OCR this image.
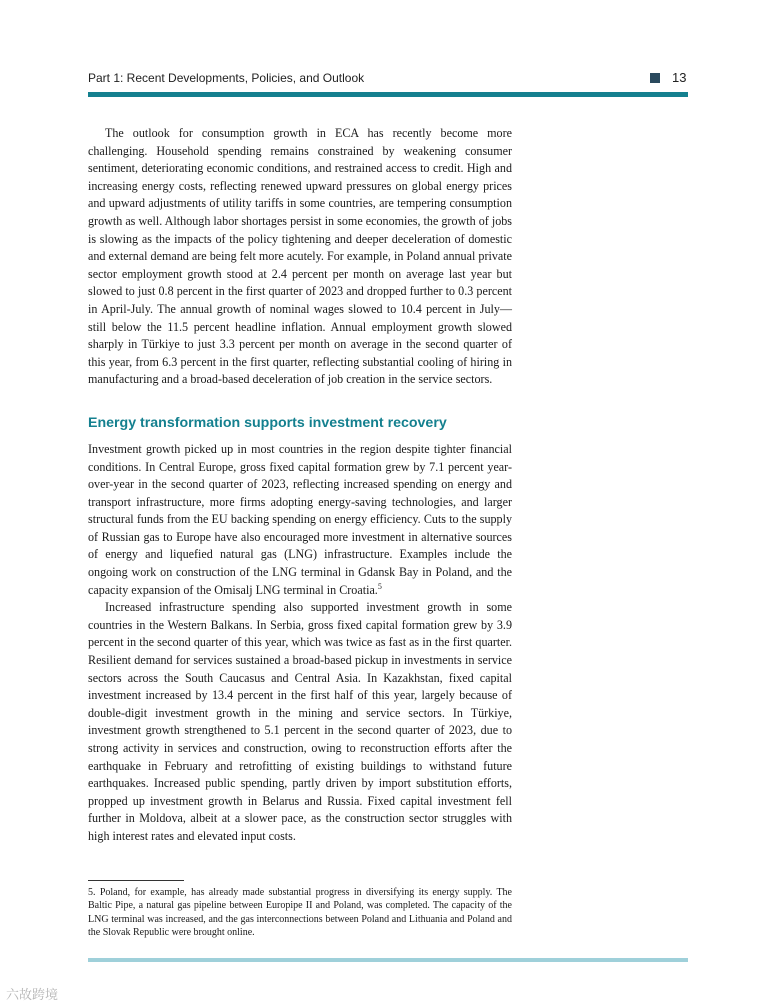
Part 1: Recent Developments, Policies, and Outlook	13

The outlook for consumption growth in ECA has recently become more challenging. Household spending remains constrained by weakening consumer sentiment, deteriorating economic conditions, and restrained access to credit. High and increasing energy costs, reflecting renewed upward pressures on global energy prices and upward adjustments of utility tariffs in some countries, are tempering consumption growth as well. Although labor shortages persist in some economies, the growth of jobs is slowing as the impacts of the policy tightening and deeper deceleration of domestic and external demand are being felt more acutely. For example, in Poland annual private sector employment growth stood at 2.4 percent per month on average last year but slowed to just 0.8 percent in the first quarter of 2023 and dropped further to 0.3 percent in April-July. The annual growth of nominal wages slowed to 10.4 percent in July—still below the 11.5 percent headline inflation. Annual employment growth slowed sharply in Türkiye to just 3.3 percent per month on average in the second quarter of this year, from 6.3 percent in the first quarter, reflecting substantial cooling of hiring in manufacturing and a broad-based deceleration of job creation in the service sectors.

Energy transformation supports investment recovery

Investment growth picked up in most countries in the region despite tighter financial conditions. In Central Europe, gross fixed capital formation grew by 7.1 percent year-over-year in the second quarter of 2023, reflecting increased spending on energy and transport infrastructure, more firms adopting energy-saving technologies, and larger structural funds from the EU backing spending on energy efficiency. Cuts to the supply of Russian gas to Europe have also encouraged more investment in alternative sources of energy and liquefied natural gas (LNG) infrastructure. Examples include the ongoing work on construction of the LNG terminal in Gdansk Bay in Poland, and the capacity expansion of the Omisalj LNG terminal in Croatia.$^5$

Increased infrastructure spending also supported investment growth in some countries in the Western Balkans. In Serbia, gross fixed capital formation grew by 3.9 percent in the second quarter of this year, which was twice as fast as in the first quarter. Resilient demand for services sustained a broad-based pickup in investments in service sectors across the South Caucasus and Central Asia. In Kazakhstan, fixed capital investment increased by 13.4 percent in the first half of this year, largely because of double-digit investment growth in the mining and service sectors. In Türkiye, investment growth strengthened to 5.1 percent in the second quarter of 2023, due to strong activity in services and construction, owing to reconstruction efforts after the earthquake in February and retrofitting of existing buildings to withstand future earthquakes. Increased public spending, partly driven by import substitution efforts, propped up investment growth in Belarus and Russia. Fixed capital investment fell further in Moldova, albeit at a slower pace, as the construction sector struggles with high interest rates and elevated input costs.

5. Poland, for example, has already made substantial progress in diversifying its energy supply. The Baltic Pipe, a natural gas pipeline between Europipe II and Poland, was completed. The capacity of the LNG terminal was increased, and the gas interconnections between Poland and Lithuania and Poland and the Slovak Republic were brought online.
六故跨境
